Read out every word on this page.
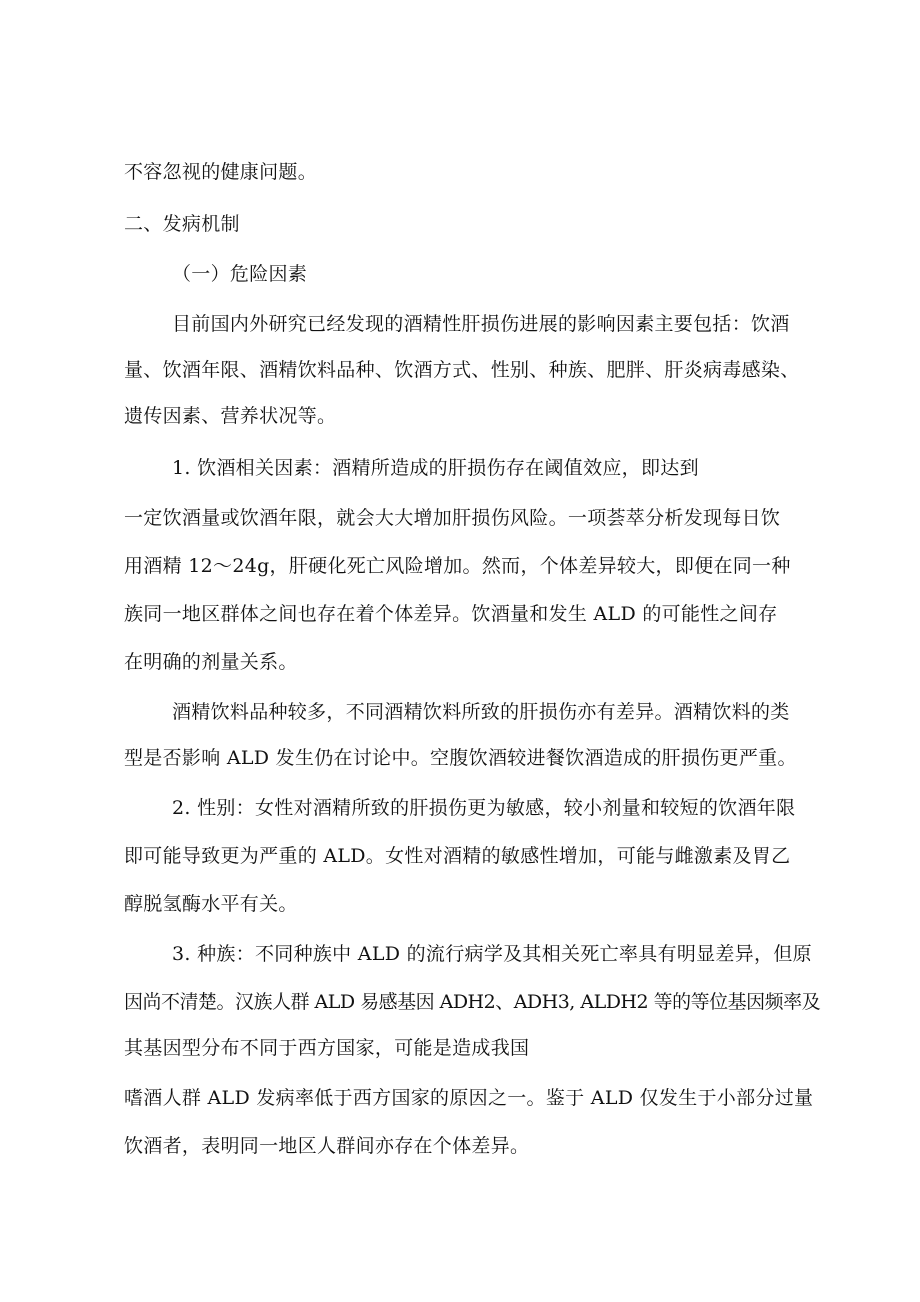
不容忽视的健康问题。
二、发病机制
（一）危险因素
目前国内外研究已经发现的酒精性肝损伤进展的影响因素主要包括：饮酒
量、饮酒年限、酒精饮料品种、饮酒方式、性别、种族、肥胖、肝炎病毒感染、
遗传因素、营养状况等。
1. 饮酒相关因素：酒精所造成的肝损伤存在阈值效应，即达到
一定饮酒量或饮酒年限，就会大大增加肝损伤风险。一项荟萃分析发现每日饮
用酒精 12～24g，肝硬化死亡风险增加。然而，个体差异较大，即便在同一种
族同一地区群体之间也存在着个体差异。饮酒量和发生 ALD 的可能性之间存
在明确的剂量关系。
酒精饮料品种较多，不同酒精饮料所致的肝损伤亦有差异。酒精饮料的类
型是否影响 ALD 发生仍在讨论中。空腹饮酒较进餐饮酒造成的肝损伤更严重。
2. 性别：女性对酒精所致的肝损伤更为敏感，较小剂量和较短的饮酒年限
即可能导致更为严重的 ALD。女性对酒精的敏感性增加，可能与雌激素及胃乙
醇脱氢酶水平有关。
3. 种族：不同种族中 ALD 的流行病学及其相关死亡率具有明显差异，但原
因尚不清楚。汉族人群 ALD 易感基因 ADH2、ADH3, ALDH2 等的等位基因频率及
其基因型分布不同于西方国家，可能是造成我国
嗜酒人群 ALD 发病率低于西方国家的原因之一。鉴于 ALD 仅发生于小部分过量
饮酒者，表明同一地区人群间亦存在个体差异。
